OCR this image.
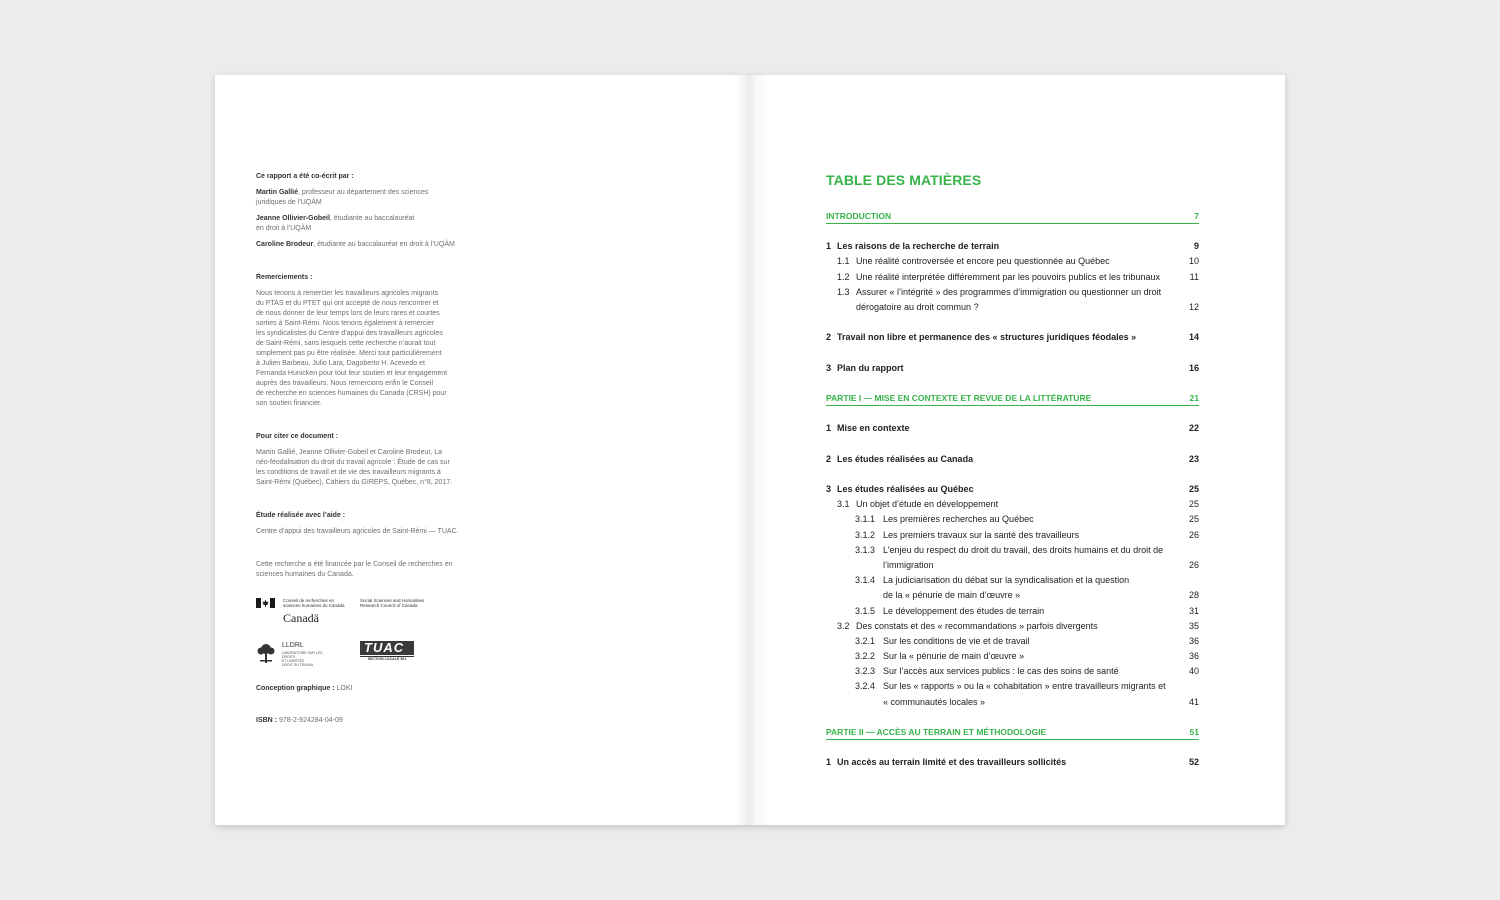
Ce rapport a été co-écrit par :

Martin Gallié, professeur au département des sciences

juridiques de l’UQÀM

Jeanne Ollivier-Gobeil, étudiante au baccalauréat

en droit à l’UQÀM

Caroline Brodeur, étudiante au baccalauréat en droit à l’UQÀM

Remerciements :

Nous tenons à remercier les travailleurs agricoles migrants

du PTAS et du PTET qui ont accepté de nous rencontrer et

de nous donner de leur temps lors de leurs rares et courtes

sorties à Saint-Rémi. Nous tenons également à remercier

les syndicalistes du Centre d’appui des travailleurs agricoles

de Saint-Rémi, sans lesquels cette recherche n’aurait tout

simplement pas pu être réalisée. Merci tout particulièrement

à Julien Barbeau, Julio Lara, Dagoberto H. Acevedo et

Fernanda Hunicken pour tout leur soutien et leur engagement

auprès des travailleurs. Nous remercions enfin le Conseil

de recherche en sciences humaines du Canada (CRSH) pour

son soutien financier.

Pour citer ce document :

Martin Gallié, Jeanne Ollivier-Gobeil et Caroline Brodeur, La

néo-féodalisation du droit du travail agricole : Étude de cas sur

les conditions de travail et de vie des travailleurs migrants à

Saint-Rémi (Québec), Cahiers du GIREPS, Québec, n°8, 2017.

Étude réalisée avec l’aide :

Centre d’appui des travailleurs agricoles de Saint-Rémi — TUAC.

Cette recherche a été financée par le Conseil de recherches en

sciences humaines du Canada.

Conseil de recherches en
sciences humaines du Canada
Social Sciences and Humanities
Research Council of Canada
Canadä
LLDRL
LABORATOIRE SUR LES DROITS
ET LIBERTÉS
DROIT DU TRAVAIL
TUAC
SECTION LOCALE 501

Conception graphique : LOKI

ISBN : 978-2-924284-04-09

TABLE DES MATIÈRES
INTRODUCTION	7
1 Les raisons de la recherche de terrain	9
1.1 Une réalité controversée et encore peu questionnée au Québec	10
1.2 Une réalité interprétée différemment par les pouvoirs publics et les tribunaux	11
1.3 Assurer « l’intégrité » des programmes d’immigration ou questionner un droit
dérogatoire au droit commun ?	12
2 Travail non libre et permanence des « structures juridiques féodales »	14
3 Plan du rapport	16
PARTIE I — MISE EN CONTEXTE ET REVUE DE LA LITTÉRATURE	21
1 Mise en contexte	22
2 Les études réalisées au Canada	23
3 Les études réalisées au Québec	25
3.1 Un objet d’étude en développement	25
3.1.1 Les premières recherches au Québec	25
3.1.2 Les premiers travaux sur la santé des travailleurs	26
3.1.3 L’enjeu du respect du droit du travail, des droits humains et du droit de
l’immigration	26
3.1.4 La judiciarisation du débat sur la syndicalisation et la question
de la « pénurie de main d’œuvre »	28
3.1.5 Le développement des études de terrain	31
3.2 Des constats et des « recommandations » parfois divergents	35
3.2.1 Sur les conditions de vie et de travail	36
3.2.2 Sur la « pénurie de main d’œuvre »	36
3.2.3 Sur l’accès aux services publics : le cas des soins de santé	40
3.2.4 Sur les « rapports » ou la « cohabitation » entre travailleurs migrants et
« communautés locales »	41
PARTIE II — ACCÈS AU TERRAIN ET MÉTHODOLOGIE	51
1 Un accès au terrain limité et des travailleurs sollicités	52
